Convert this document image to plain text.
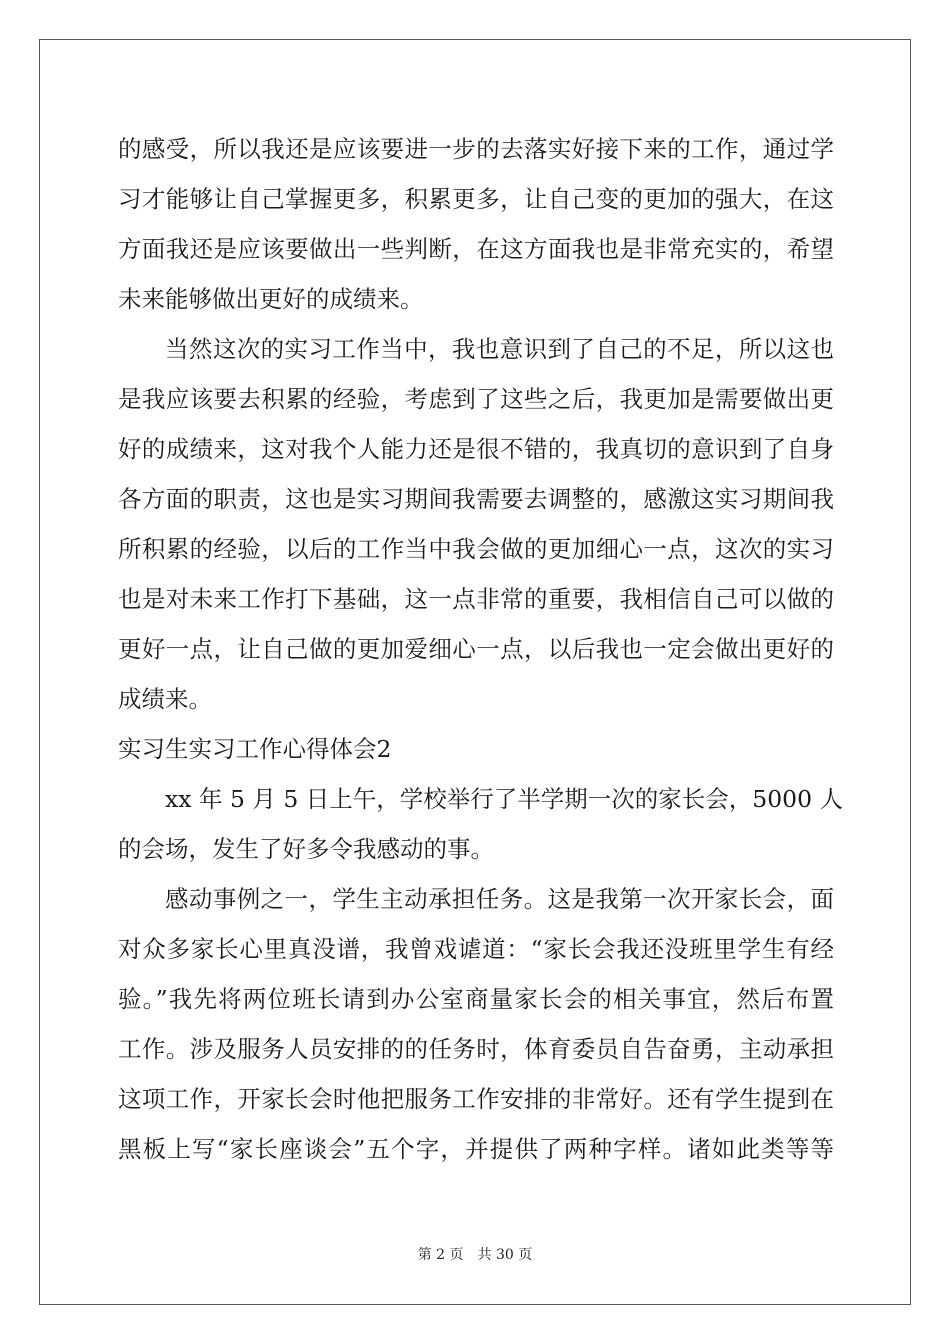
的感受，所以我还是应该要进一步的去落实好接下来的工作，通过学
习才能够让自己掌握更多，积累更多，让自己变的更加的强大，在这
方面我还是应该要做出一些判断，在这方面我也是非常充实的，希望
未来能够做出更好的成绩来。
当然这次的实习工作当中，我也意识到了自己的不足，所以这也
是我应该要去积累的经验，考虑到了这些之后，我更加是需要做出更
好的成绩来，这对我个人能力还是很不错的，我真切的意识到了自身
各方面的职责，这也是实习期间我需要去调整的，感激这实习期间我
所积累的经验，以后的工作当中我会做的更加细心一点，这次的实习
也是对未来工作打下基础，这一点非常的重要，我相信自己可以做的
更好一点，让自己做的更加爱细心一点，以后我也一定会做出更好的
成绩来。
实习生实习工作心得体会2
xx 年 5 月 5 日上午，学校举行了半学期一次的家长会，5000 人
的会场，发生了好多令我感动的事。
感动事例之一，学生主动承担任务。这是我第一次开家长会，面
对众多家长心里真没谱，我曾戏谑道：“家长会我还没班里学生有经
验。”我先将两位班长请到办公室商量家长会的相关事宜，然后布置
工作。涉及服务人员安排的的任务时，体育委员自告奋勇，主动承担
这项工作，开家长会时他把服务工作安排的非常好。还有学生提到在
黑板上写“家长座谈会”五个字，并提供了两种字样。诸如此类等等
第 2 页 共 30 页
